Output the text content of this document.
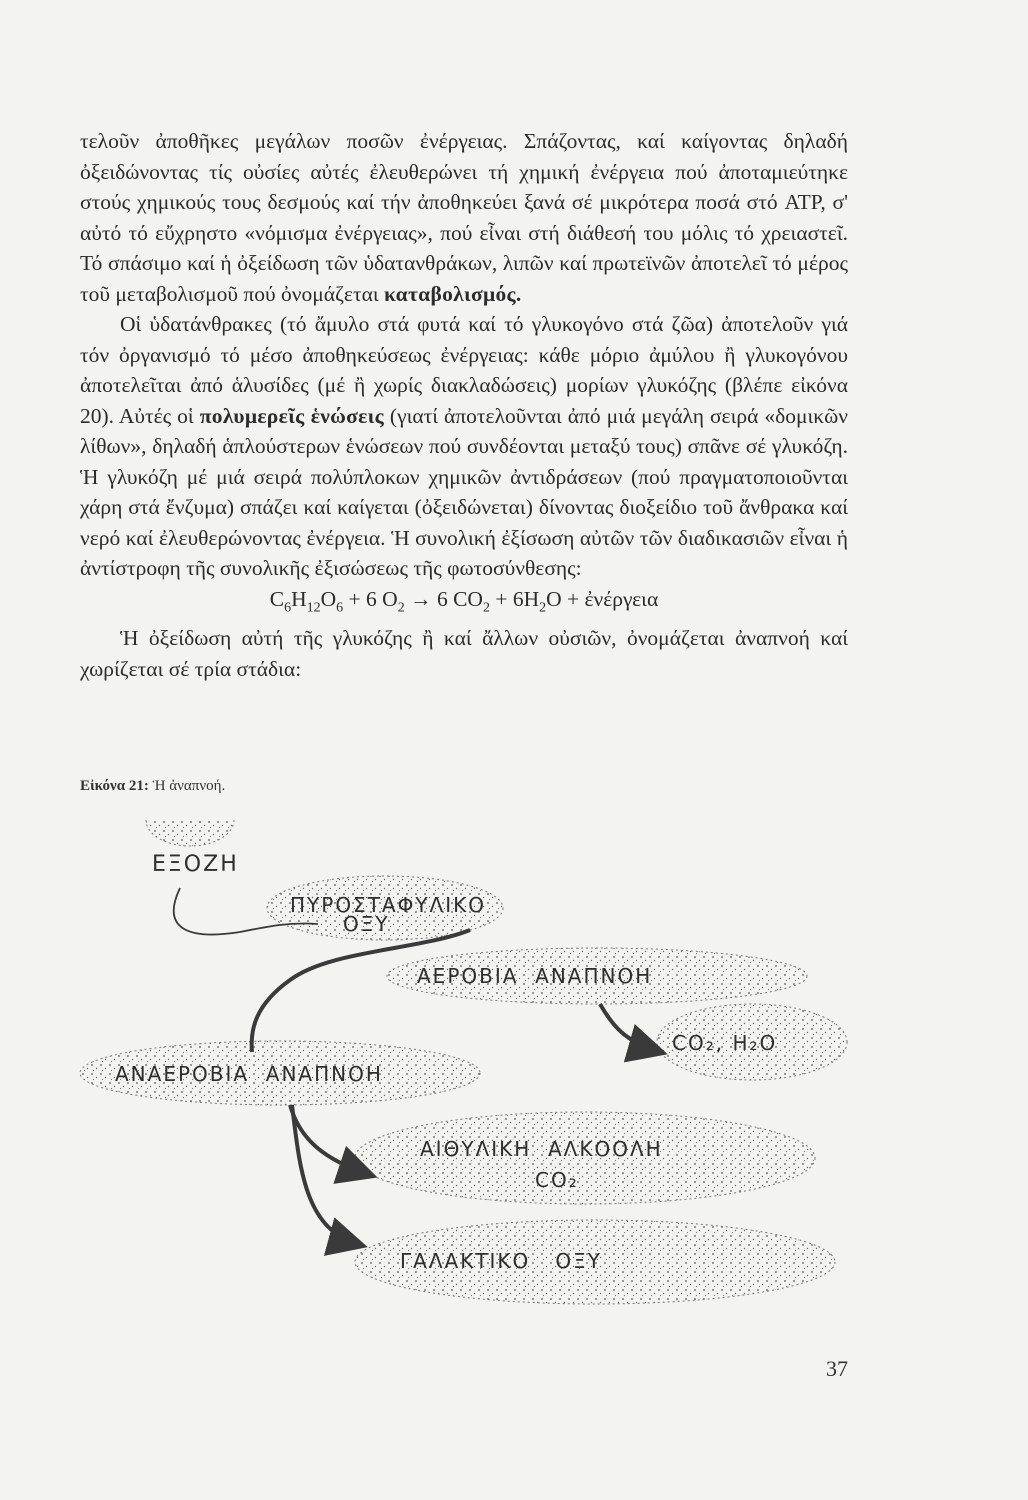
τελοῦν ἀποθῆκες μεγάλων ποσῶν ἐνέργειας. Σπάζοντας, καί καίγοντας δηλαδή ὀξειδώνοντας τίς οὐσίες αὐτές ἐλευθερώνει τή χημική ἐνέργεια πού ἀποταμιεύτηκε στούς χημικούς τους δεσμούς καί τήν ἀποθηκεύει ξανά σέ μικρότερα ποσά στό ATP, σ' αὐτό τό εὔχρηστο «νόμισμα ἐνέργειας», πού εἶναι στή διάθεσή του μόλις τό χρειαστεῖ. Τό σπάσιμο καί ἡ ὀξείδωση τῶν ὑδατανθράκων, λιπῶν καί πρωτεϊνῶν ἀποτελεῖ τό μέρος τοῦ μεταβολισμοῦ πού ὀνομάζεται καταβολισμός.

Οἱ ὑδατάνθρακες (τό ἄμυλο στά φυτά καί τό γλυκογόνο στά ζῶα) ἀποτελοῦν γιά τόν ὀργανισμό τό μέσο ἀποθηκεύσεως ἐνέργειας: κάθε μόριο ἀμύλου ἢ γλυκογόνου ἀποτελεῖται ἀπό ἁλυσίδες (μέ ἢ χωρίς διακλαδώσεις) μορίων γλυκόζης (βλέπε εἰκόνα 20). Αὐτές οἱ πολυμερεῖς ἑνώσεις (γιατί ἀποτελοῦνται ἀπό μιά μεγάλη σειρά «δομικῶν λίθων», δηλαδή ἁπλούστερων ἑνώσεων πού συνδέονται μεταξύ τους) σπᾶνε σέ γλυκόζη. Ἡ γλυκόζη μέ μιά σειρά πολύπλοκων χημικῶν ἀντιδράσεων (πού πραγματοποιοῦνται χάρη στά ἔνζυμα) σπάζει καί καίγεται (ὀξειδώνεται) δίνοντας διοξείδιο τοῦ ἄνθρακα καί νερό καί ἐλευθερώνοντας ἐνέργεια. Ἡ συνολική ἐξίσωση αὐτῶν τῶν διαδικασιῶν εἶναι ἡ ἀντίστροφη τῆς συνολικῆς ἐξισώσεως τῆς φωτοσύνθεσης:

$C_6H_{12}O_6 + 6$ $O_2 \to 6$ $CO_2 + 6H_2O$ + ἐνέργεια

Ἡ ὀξείδωση αὐτή τῆς γλυκόζης ἢ καί ἄλλων οὐσιῶν, ὀνομάζεται ἀναπνοή καί χωρίζεται σέ τρία στάδια:

Εἰκόνα 21: Ἡ ἀναπνοή.
ΕΞΟΖΗ
ΠΥΡΟΣΤΑΦΥΛΙΚΟ
ΟΞΥ
ΑΕΡΟΒΙΑ  ΑΝΑΠΝΟΗ
CO₂, H₂O
ΑΝΑΕΡΟΒΙΑ  ΑΝΑΠΝΟΗ
ΑΙΘΥΛΙΚΗ  ΑΛΚΟΟΛΗ
CO₂
ΓΑΛΑΚΤΙΚΟ   ΟΞΥ
37
